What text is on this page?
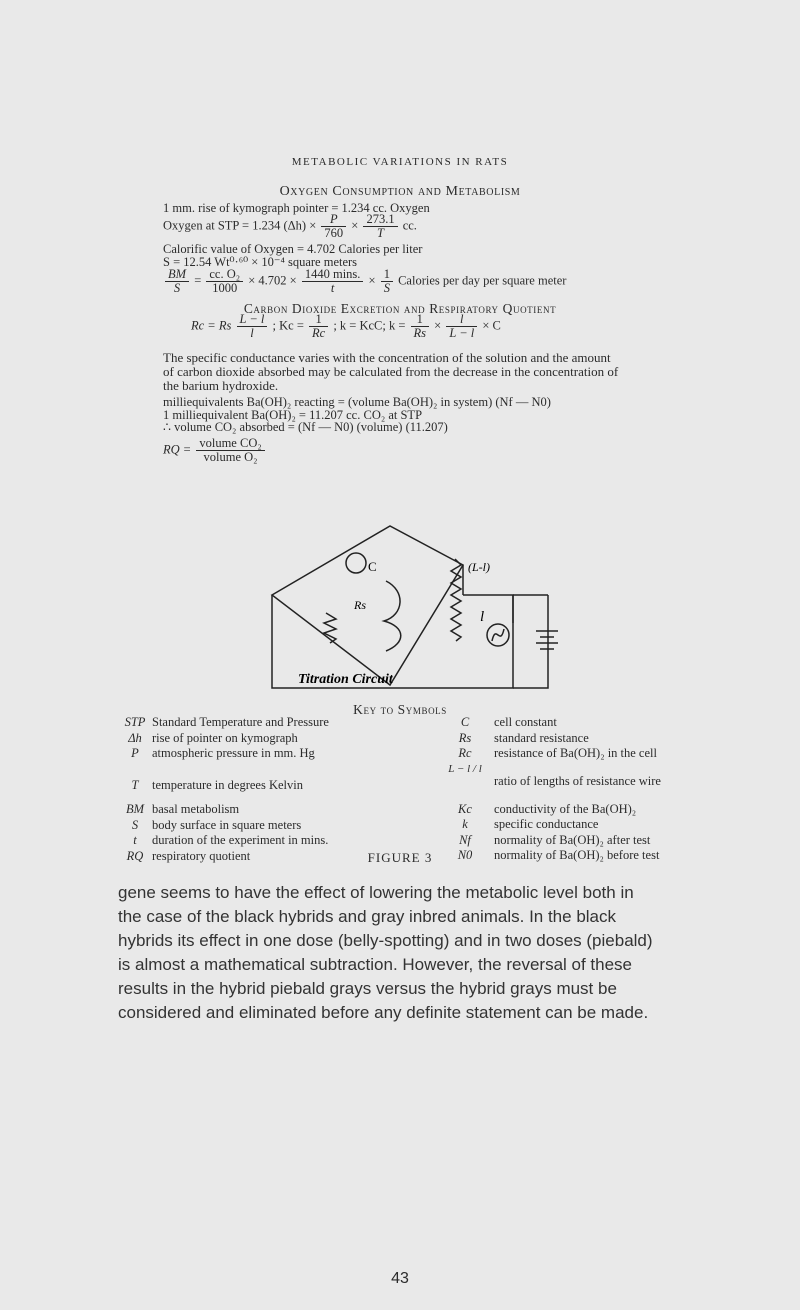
METABOLIC VARIATIONS IN RATS
Oxygen Consumption and Metabolism
1 mm. rise of kymograph pointer = 1.234 cc. Oxygen
Oxygen at STP = 1.234 $(\Delta h) \times \frac{P}{760} \times \frac{273.1}{T}$ cc.
Calorific value of Oxygen = 4.702 Calories per liter
S = 12.54 Wt⁰·⁶⁰ × 10⁻⁴ square meters
$\frac{BM}{S} = \frac{\text{cc. O₂}}{1000} \times 4.702 \times \frac{1440 \min s.}{t} \times \frac{1}{S}$ Calories per day per square meter
Carbon Dioxide Excretion and Respiratory Quotient
Rc = Rs $\frac{L - l}{l}$ ; $Kc = \frac{1}{Rc}$ ; k = KcC; $k = \frac{1}{Rs} \times \frac{l}{L - l} \times C$
The specific conductance varies with the concentration of the solution and the amount
of carbon dioxide absorbed may be calculated from the decrease in the concentration of
the barium hydroxide.
milliequivalents Ba(OH)₂ reacting = (volume Ba(OH)₂ in system) (Nf — N0)
1 milliequivalent Ba(OH)₂ = 11.207 cc. CO₂ at STP
∴ volume CO₂ absorbed = (Nf — N0) (volume) (11.207)
RQ = $\frac{\text{volume CO₂}}{\text{volume O₂}}$
C
Rs
(L-l)
l
Titration Circuit
Key to Symbols
STP	Standard Temperature and Pressure
Δh	rise of pointer on kymograph
P	atmospheric pressure in mm. Hg
T	temperature in degrees Kelvin
BM	basal metabolism
S	body surface in square meters
t	duration of the experiment in mins.
RQ	respiratory quotient
C	cell constant
Rs	standard resistance
Rc	resistance of Ba(OH)₂ in the cell
L − l / l	ratio of lengths of resistance wire
Kc	conductivity of the Ba(OH)₂
k	specific conductance
Nf	normality of Ba(OH)₂ after test
N0	normality of Ba(OH)₂ before test
FIGURE 3
gene seems to have the effect of lowering the metabolic level both in
the case of the black hybrids and gray inbred animals. In the black
hybrids its effect in one dose (belly-spotting) and in two doses (piebald)
is almost a mathematical subtraction. However, the reversal of these
results in the hybrid piebald grays versus the hybrid grays must be
considered and eliminated before any definite statement can be made.
43
